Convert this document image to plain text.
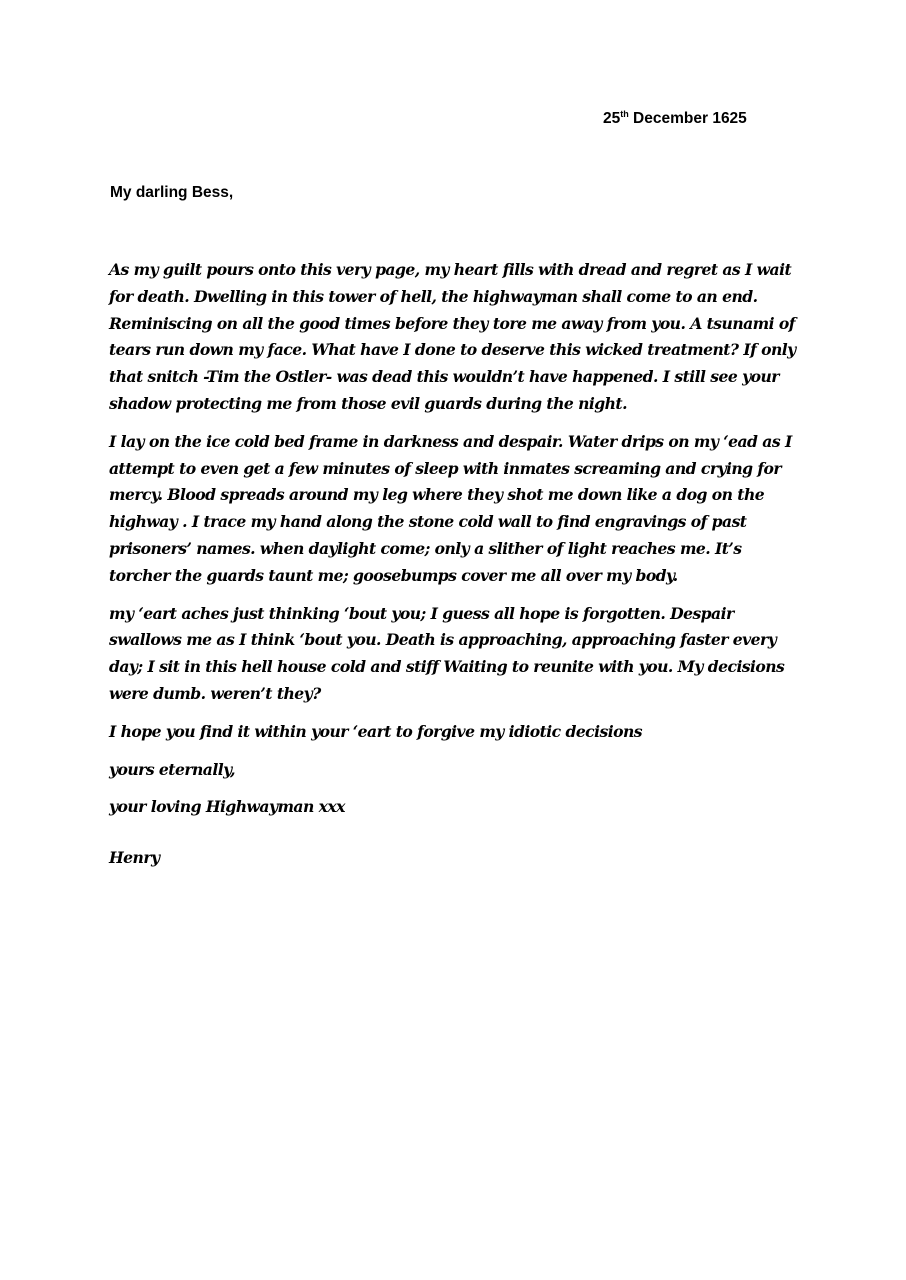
25th December 1625
My darling Bess,

As my guilt pours onto this very page, my heart fills with dread and regret as I wait for death. Dwelling in this tower of hell, the highwayman shall come to an end. Reminiscing on all the good times before they tore me away from you. A tsunami of tears run down my face. What have I done to deserve this wicked treatment? If only that snitch -Tim the Ostler- was dead this wouldn’t have happened. I still see your shadow protecting me from those evil guards during the night.

I lay on the ice cold bed frame in darkness and despair. Water drips on my ‘ead as I attempt to even get a few minutes of sleep with inmates screaming and crying for mercy. Blood spreads around my leg where they shot me down like a dog on the highway . I trace my hand along the stone cold wall to find engravings of past prisoners’ names. when daylight come; only a slither of light reaches me. It’s torcher the guards taunt me; goosebumps cover me all over my body.

my ‘eart aches just thinking ‘bout you; I guess all hope is forgotten. Despair swallows me as I think ‘bout you. Death is approaching, approaching faster every day; I sit in this hell house cold and stiff Waiting to reunite with you. My decisions were dumb. weren’t they?

I hope you find it within your ‘eart to forgive my idiotic decisions

yours eternally,

your loving Highwayman xxx

Henry
